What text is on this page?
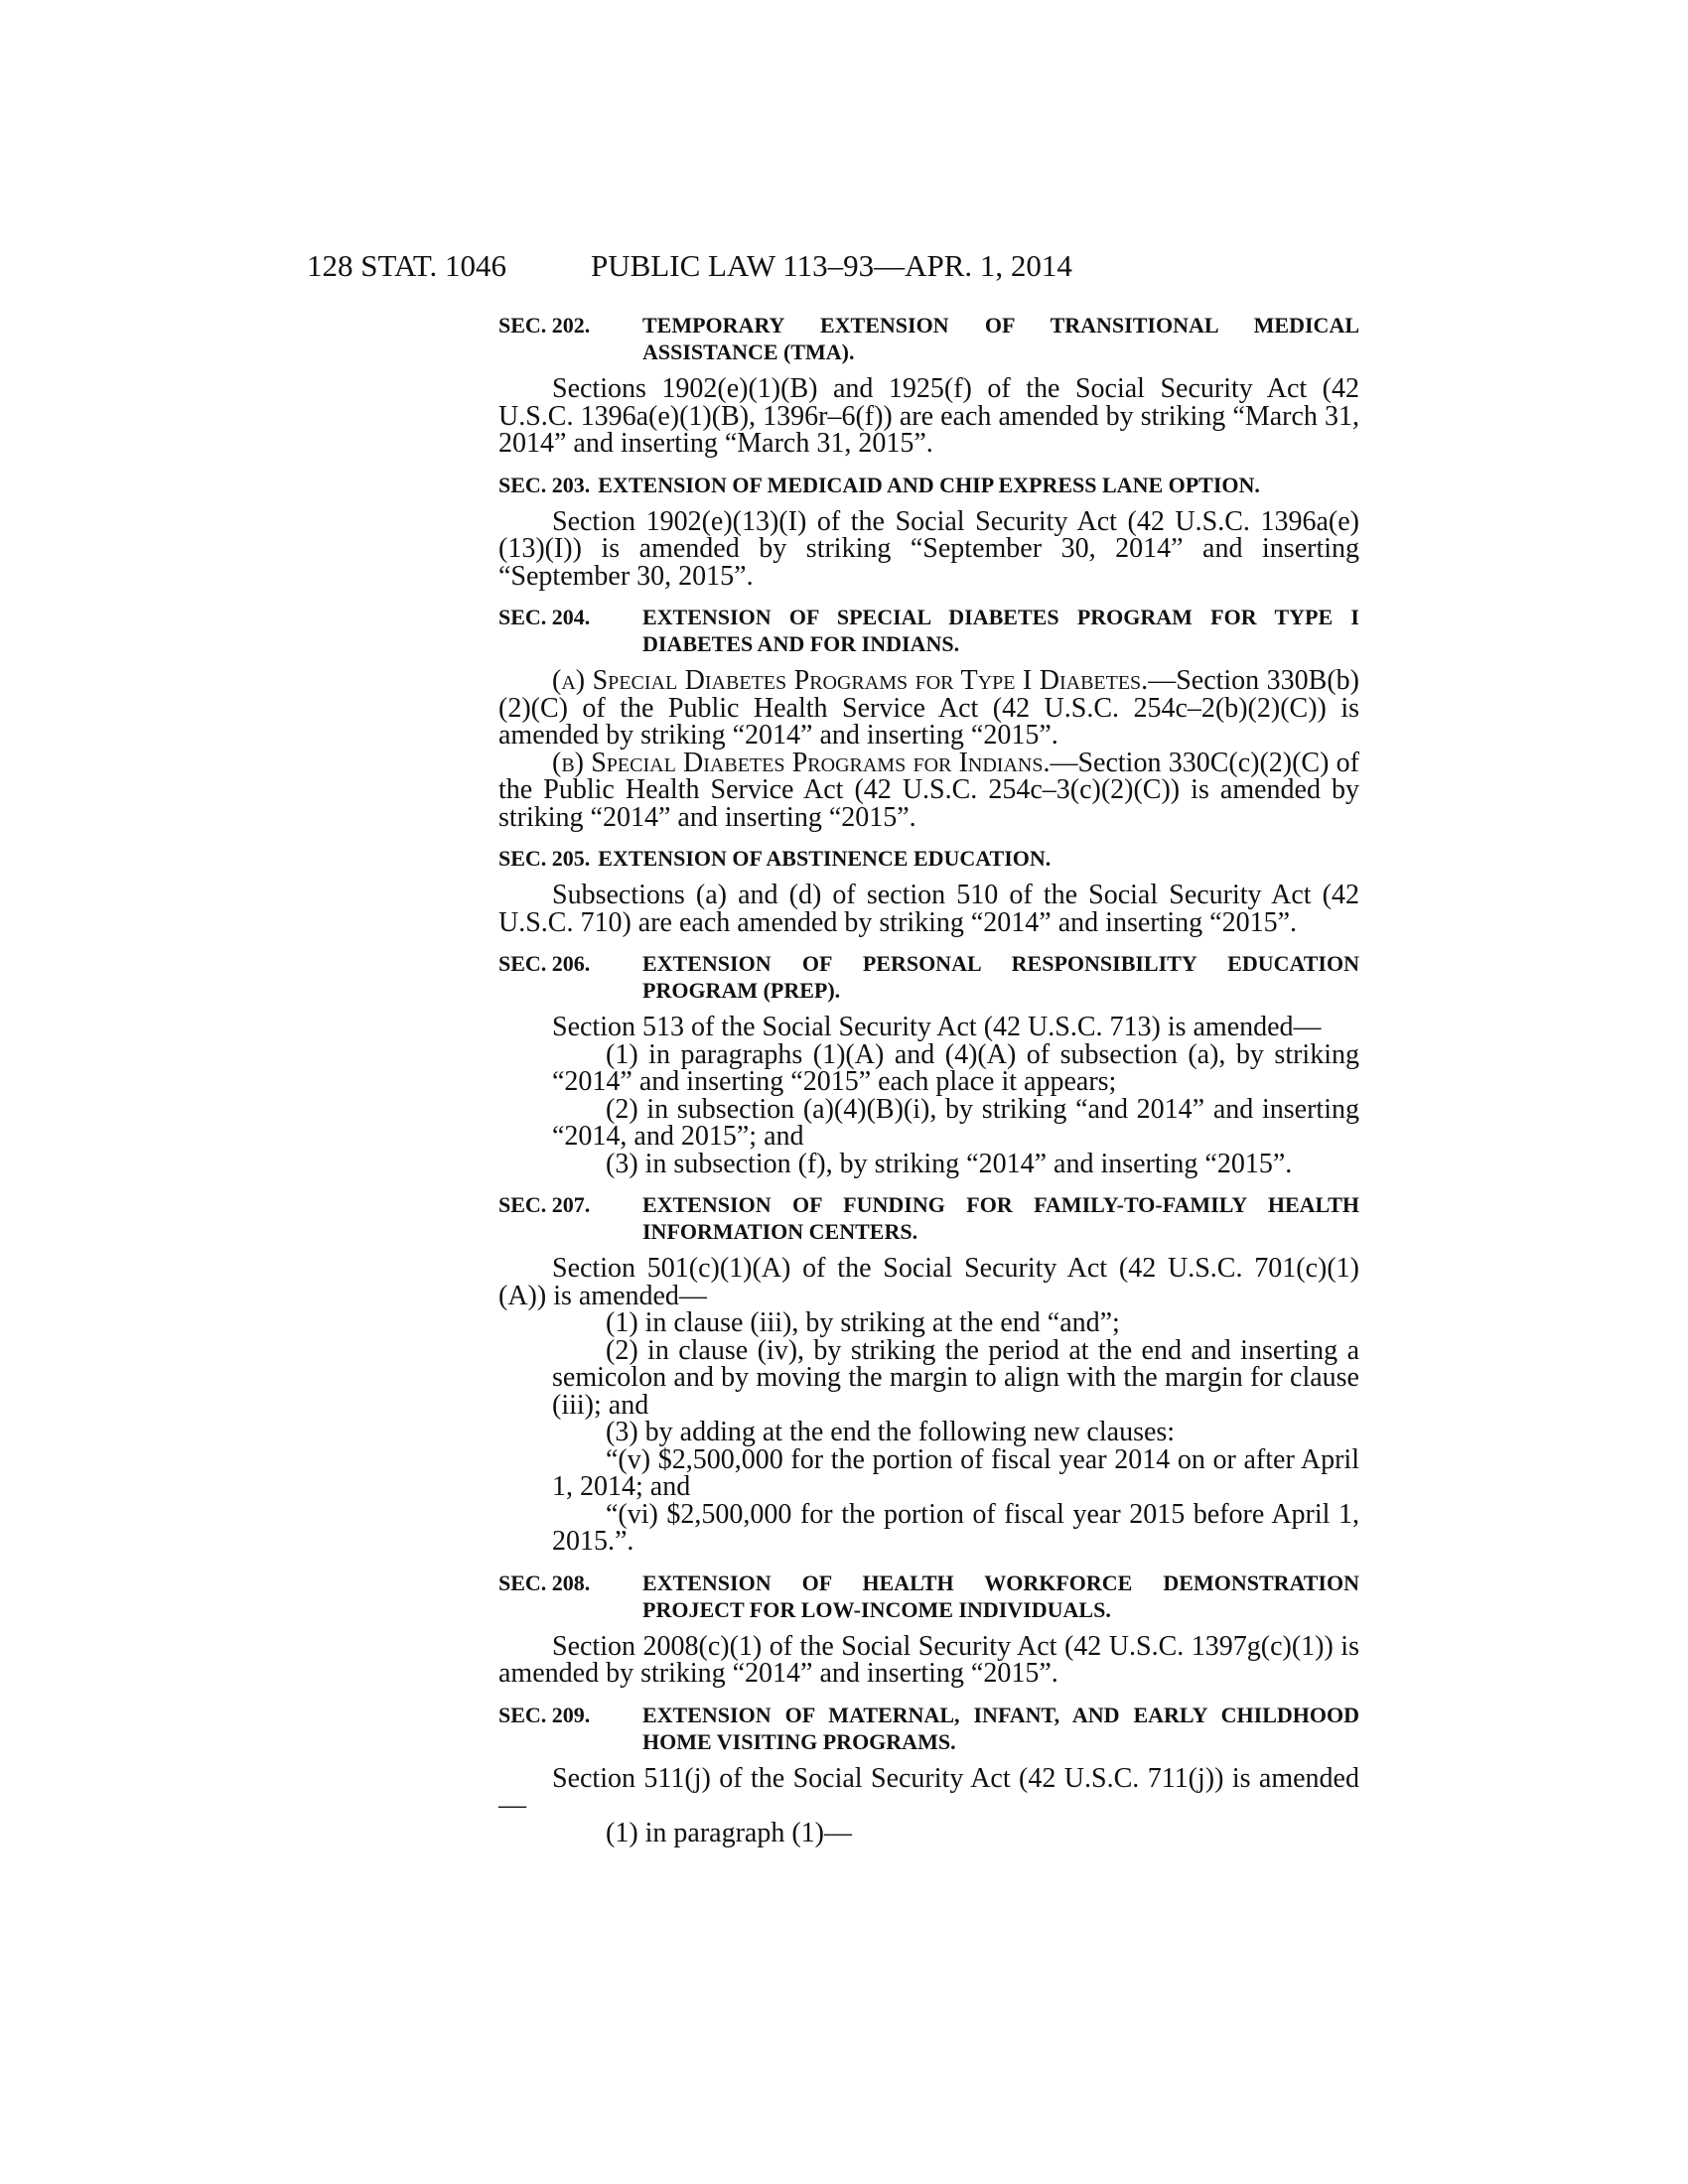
128 STAT. 1046	PUBLIC LAW 113–93—APR. 1, 2014

SEC. 202. TEMPORARY EXTENSION OF TRANSITIONAL MEDICAL ASSISTANCE (TMA).

Sections 1902(e)(1)(B) and 1925(f) of the Social Security Act (42 U.S.C. 1396a(e)(1)(B), 1396r–6(f)) are each amended by striking “March 31, 2014” and inserting “March 31, 2015”.

SEC. 203. EXTENSION OF MEDICAID AND CHIP EXPRESS LANE OPTION.

Section 1902(e)(13)(I) of the Social Security Act (42 U.S.C. 1396a(e)(13)(I)) is amended by striking “September 30, 2014” and inserting “September 30, 2015”.

SEC. 204. EXTENSION OF SPECIAL DIABETES PROGRAM FOR TYPE I DIABETES AND FOR INDIANS.

(a) Special Diabetes Programs for Type I Diabetes.—Section 330B(b)(2)(C) of the Public Health Service Act (42 U.S.C. 254c–2(b)(2)(C)) is amended by striking “2014” and inserting “2015”.

(b) Special Diabetes Programs for Indians.—Section 330C(c)(2)(C) of the Public Health Service Act (42 U.S.C. 254c–3(c)(2)(C)) is amended by striking “2014” and inserting “2015”.

SEC. 205. EXTENSION OF ABSTINENCE EDUCATION.

Subsections (a) and (d) of section 510 of the Social Security Act (42 U.S.C. 710) are each amended by striking “2014” and inserting “2015”.

SEC. 206. EXTENSION OF PERSONAL RESPONSIBILITY EDUCATION PROGRAM (PREP).

Section 513 of the Social Security Act (42 U.S.C. 713) is amended—

(1) in paragraphs (1)(A) and (4)(A) of subsection (a), by striking “2014” and inserting “2015” each place it appears;

(2) in subsection (a)(4)(B)(i), by striking “and 2014” and inserting “2014, and 2015”; and

(3) in subsection (f), by striking “2014” and inserting “2015”.

SEC. 207. EXTENSION OF FUNDING FOR FAMILY-TO-FAMILY HEALTH INFORMATION CENTERS.

Section 501(c)(1)(A) of the Social Security Act (42 U.S.C. 701(c)(1)(A)) is amended—

(1) in clause (iii), by striking at the end “and”;

(2) in clause (iv), by striking the period at the end and inserting a semicolon and by moving the margin to align with the margin for clause (iii); and

(3) by adding at the end the following new clauses:

“(v) $2,500,000 for the portion of fiscal year 2014 on or after April 1, 2014; and

“(vi) $2,500,000 for the portion of fiscal year 2015 before April 1, 2015.”.

SEC. 208. EXTENSION OF HEALTH WORKFORCE DEMONSTRATION PROJECT FOR LOW-INCOME INDIVIDUALS.

Section 2008(c)(1) of the Social Security Act (42 U.S.C. 1397g(c)(1)) is amended by striking “2014” and inserting “2015”.

SEC. 209. EXTENSION OF MATERNAL, INFANT, AND EARLY CHILDHOOD HOME VISITING PROGRAMS.

Section 511(j) of the Social Security Act (42 U.S.C. 711(j)) is amended—

(1) in paragraph (1)—
